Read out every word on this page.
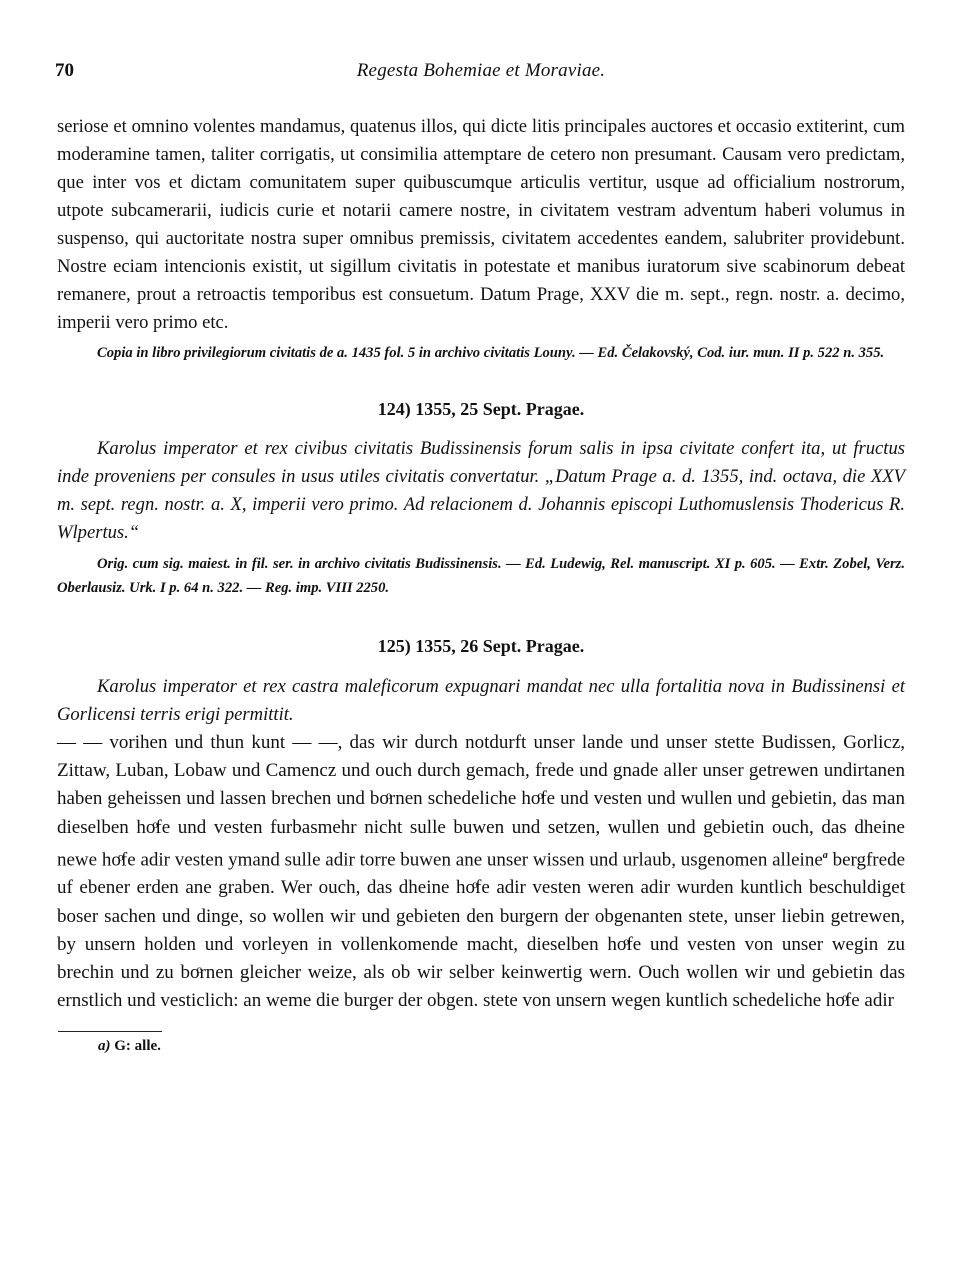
70	Regesta Bohemiae et Moraviae.

seriose et omnino volentes mandamus, quatenus illos, qui dicte litis principales auctores et occasio extiterint, cum moderamine tamen, taliter corrigatis, ut consimilia attemptare de cetero non presumant. Causam vero predictam, que inter vos et dictam comunitatem super quibuscumque articulis vertitur, usque ad officialium nostrorum, utpote subcamerarii, iudicis curie et notarii camere nostre, in civitatem vestram adventum haberi volumus in suspenso, qui auctoritate nostra super omnibus premissis, civitatem accedentes eandem, salubriter providebunt. Nostre eciam intencionis existit, ut sigillum civitatis in potestate et manibus iuratorum sive scabinorum debeat remanere, prout a retroactis temporibus est consuetum. Datum Prage, XXV die m. sept., regn. nostr. a. decimo, imperii vero primo etc.

Copia in libro privilegiorum civitatis de a. 1435 fol. 5 in archivo civitatis Louny. — Ed. Čelakovský, Cod. iur. mun. II p. 522 n. 355.

124) 1355, 25 Sept. Pragae.

Karolus imperator et rex civibus civitatis Budissinensis forum salis in ipsa civitate confert ita, ut fructus inde proveniens per consules in usus utiles civitatis convertatur. „Datum Prage a. d. 1355, ind. octava, die XXV m. sept. regn. nostr. a. X, imperii vero primo. Ad relacionem d. Johannis episcopi Luthomuslensis Thodericus R. Wlpertus.“

Orig. cum sig. maiest. in fil. ser. in archivo civitatis Budissinensis. — Ed. Ludewig, Rel. manuscript. XI p. 605. — Extr. Zobel, Verz. Oberlausiz. Urk. I p. 64 n. 322. — Reg. imp. VIII 2250.

125) 1355, 26 Sept. Pragae.

Karolus imperator et rex castra maleficorum expugnari mandat nec ulla fortalitia nova in Budissinensi et Gorlicensi terris erigi permittit.

— — vorihen und thun kunt — —, das wir durch notdurft unser lande und unser stette Budissen, Gorlicz, Zittaw, Luban, Lobaw und Camencz und ouch durch gemach, frede und gnade aller unser getrewen undirtanen haben geheissen und lassen brechen und boͦrnen schedeliche hoͦfe und vesten und wullen und gebietin, das man dieselben hoͦfe und vesten furbasmehr nicht sulle buwen und setzen, wullen und gebietin ouch, das dheine newe hoͦfe adir vesten ymand sulle adir torre buwen ane unser wissen und urlaub, usgenomen alleine$^a$ bergfrede uf ebener erden ane graben. Wer ouch, das dheine hoͦfe adir vesten weren adir wurden kuntlich beschuldiget boser sachen und dinge, so wollen wir und gebieten den burgern der obgenanten stete, unser liebin getrewen, by unsern holden und vorleyen in vollenkomende macht, dieselben hoͦfe und vesten von unser wegin zu brechin und zu boͦrnen gleicher weize, als ob wir selber keinwertig wern. Ouch wollen wir und gebietin das ernstlich und vesticlich: an weme die burger der obgen. stete von unsern wegen kuntlich schedeliche hoͦfe adir

a) G: alle.
